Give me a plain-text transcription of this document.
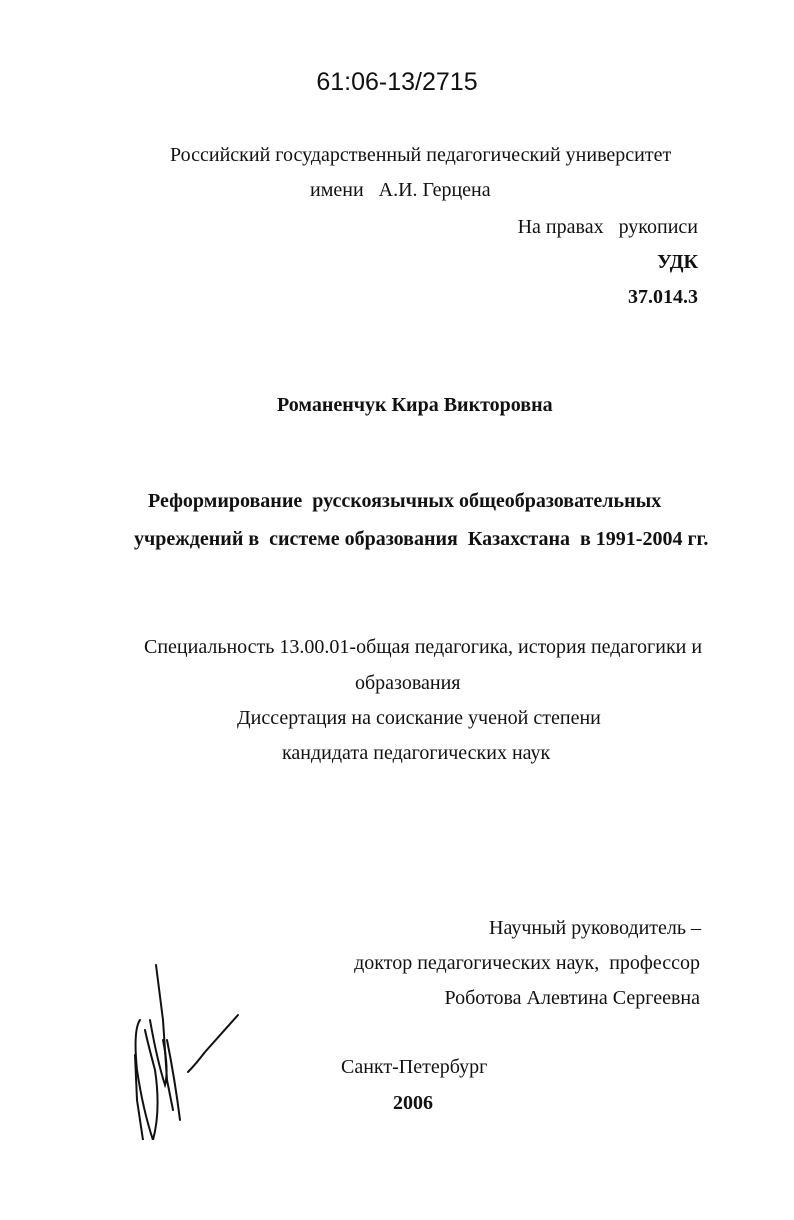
61:06-13/2715
Российский государственный педагогический университет
имени   А.И. Герцена
На правах   рукописи
УДК
37.014.3
Романенчук Кира Викторовна
Реформирование  русскоязычных общеобразовательных
учреждений в  системе образования  Казахстана  в 1991-2004 гг.
Специальность 13.00.01-общая педагогика, история педагогики и
образования
Диссертация на соискание ученой степени
кандидата педагогических наук
Научный руководитель –
доктор педагогических наук,  профессор
Роботова Алевтина Сергеевна
Санкт-Петербург
2006
